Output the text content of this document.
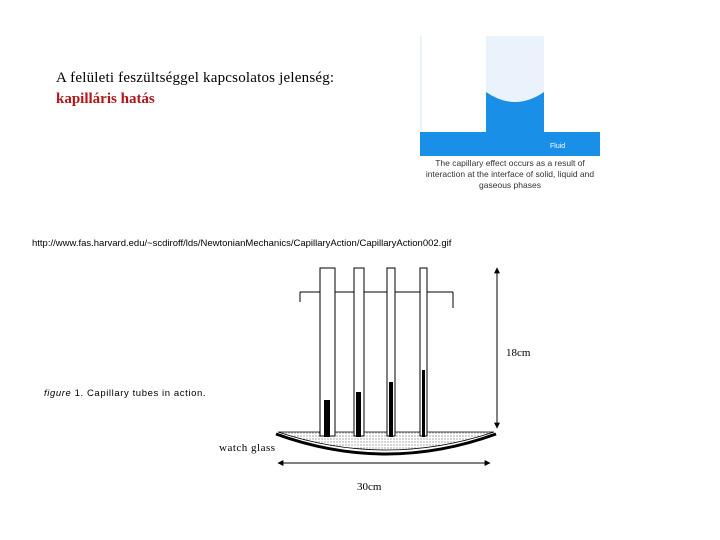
A felületi feszültséggel kapcsolatos jelenség:
kapilláris hatás
Fluid
The capillary effect occurs as a result of interaction at the interface of solid, liquid and gaseous phases
http://www.fas.harvard.edu/~scdiroff/lds/NewtonianMechanics/CapillaryAction/CapillaryAction002.gif
figure 1. Capillary tubes in action.
18cm
watch glass
30cm
